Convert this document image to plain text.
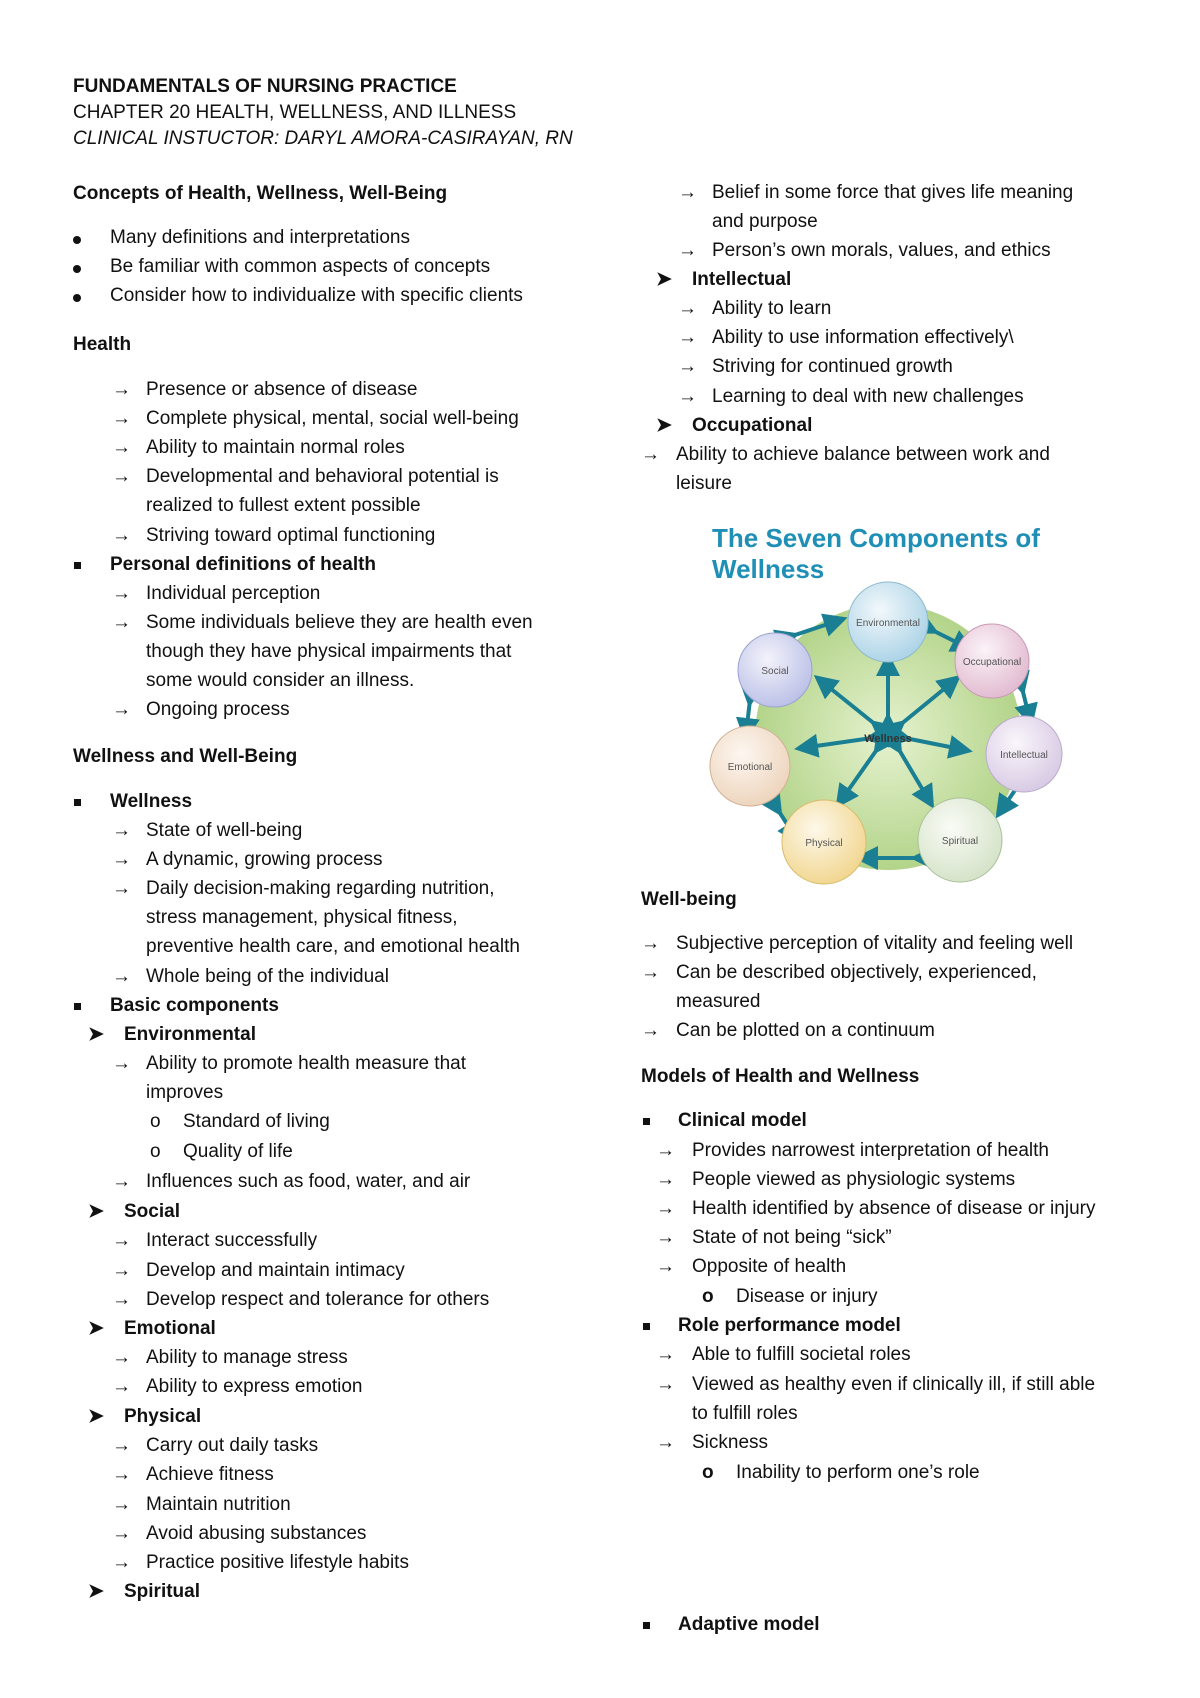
FUNDAMENTALS OF NURSING PRACTICE
CHAPTER 20 HEALTH, WELLNESS, AND ILLNESS
CLINICAL INSTUCTOR: DARYL AMORA-CASIRAYAN, RN
Concepts of Health, Wellness, Well-Being
Many definitions and interpretations
Be familiar with common aspects of concepts
Consider how to individualize with specific clients
Health
→ Presence or absence of disease
→ Complete physical, mental, social well-being
→ Ability to maintain normal roles
→ Developmental and behavioral potential is
realized to fullest extent possible
→ Striving toward optimal functioning
Personal definitions of health
→ Individual perception
→ Some individuals believe they are health even
though they have physical impairments that
some would consider an illness.
→ Ongoing process
Wellness and Well-Being
Wellness
→ State of well-being
→ A dynamic, growing process
→ Daily decision-making regarding nutrition,
stress management, physical fitness,
preventive health care, and emotional health
→ Whole being of the individual
Basic components
➤ Environmental
→ Ability to promote health measure that
improves
o Standard of living
o Quality of life
→ Influences such as food, water, and air
➤ Social
→ Interact successfully
→ Develop and maintain intimacy
→ Develop respect and tolerance for others
➤ Emotional
→ Ability to manage stress
→ Ability to express emotion
➤ Physical
→ Carry out daily tasks
→ Achieve fitness
→ Maintain nutrition
→ Avoid abusing substances
→ Practice positive lifestyle habits
➤ Spiritual
→ Belief in some force that gives life meaning
and purpose
→ Person’s own morals, values, and ethics
➤ Intellectual
→ Ability to learn
→ Ability to use information effectively\
→ Striving for continued growth
→ Learning to deal with new challenges
➤ Occupational
→ Ability to achieve balance between work and
leisure
The Seven Components of
Wellness
Wellness
Environmental
Occupational
Intellectual
Spiritual
Physical
Emotional
Social
Well-being
→ Subjective perception of vitality and feeling well
→ Can be described objectively, experienced,
measured
→ Can be plotted on a continuum
Models of Health and Wellness
Clinical model
→ Provides narrowest interpretation of health
→ People viewed as physiologic systems
→ Health identified by absence of disease or injury
→ State of not being “sick”
→ Opposite of health
o Disease or injury
Role performance model
→ Able to fulfill societal roles
→ Viewed as healthy even if clinically ill, if still able
to fulfill roles
→ Sickness
o Inability to perform one’s role
Adaptive model
